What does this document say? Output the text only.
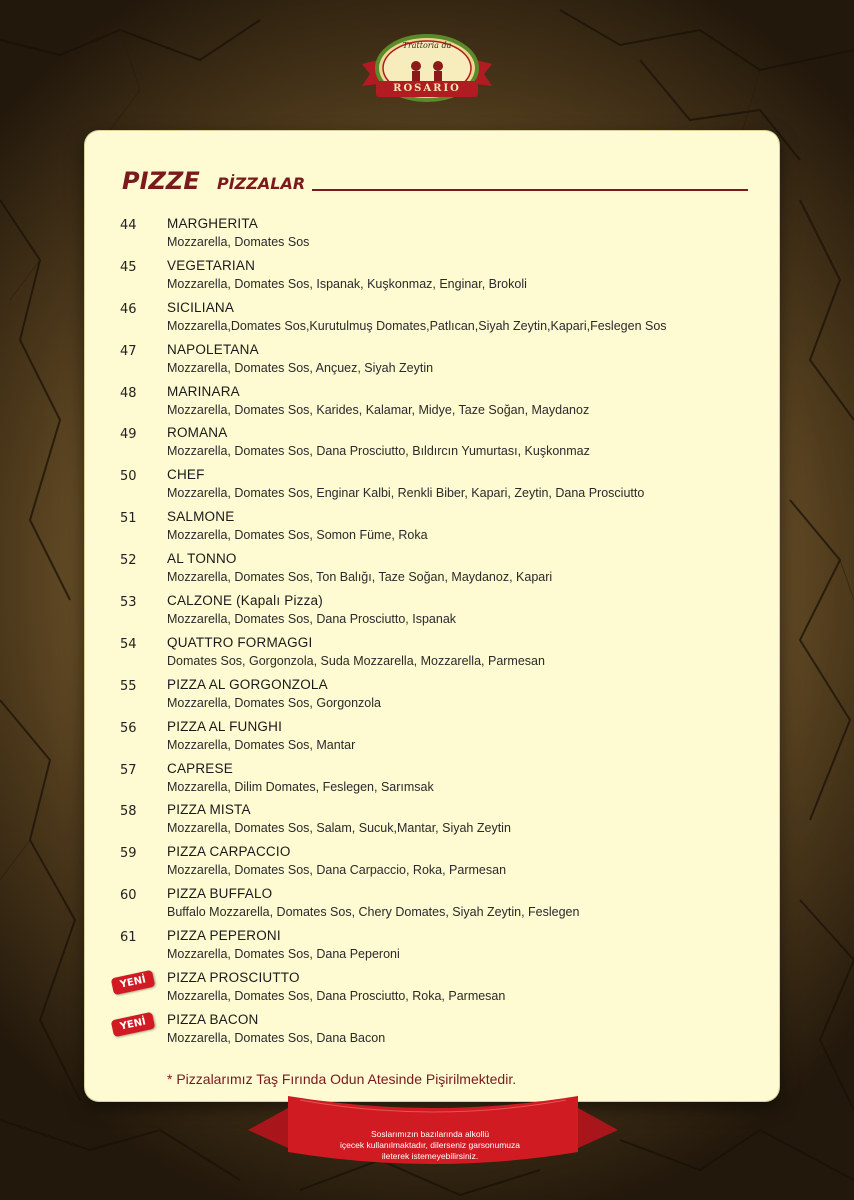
Trattoria da
ROSARIO
PIZZE PİZZALAR
44 MARGHERITA
Mozzarella, Domates Sos
45 VEGETARIAN
Mozzarella, Domates Sos, Ispanak, Kuşkonmaz, Enginar, Brokoli
46 SICILIANA
Mozzarella,Domates Sos,Kurutulmuş Domates,Patlıcan,Siyah Zeytin,Kapari,Feslegen Sos
47 NAPOLETANA
Mozzarella, Domates Sos, Ançuez, Siyah Zeytin
48 MARINARA
Mozzarella, Domates Sos, Karides, Kalamar, Midye, Taze Soğan, Maydanoz
49 ROMANA
Mozzarella, Domates Sos, Dana Prosciutto, Bıldırcın Yumurtası, Kuşkonmaz
50 CHEF
Mozzarella, Domates Sos, Enginar Kalbi, Renkli Biber, Kapari, Zeytin, Dana Prosciutto
51 SALMONE
Mozzarella, Domates Sos, Somon Füme, Roka
52 AL TONNO
Mozzarella, Domates Sos, Ton Balığı, Taze Soğan, Maydanoz, Kapari
53 CALZONE (Kapalı Pizza)
Mozzarella, Domates Sos, Dana Prosciutto, Ispanak
54 QUATTRO FORMAGGI
Domates Sos, Gorgonzola, Suda Mozzarella, Mozzarella, Parmesan
55 PIZZA AL GORGONZOLA
Mozzarella, Domates Sos, Gorgonzola
56 PIZZA AL FUNGHI
Mozzarella, Domates Sos, Mantar
57 CAPRESE
Mozzarella, Dilim Domates, Feslegen, Sarımsak
58 PIZZA MISTA
Mozzarella, Domates Sos, Salam, Sucuk,Mantar, Siyah Zeytin
59 PIZZA CARPACCIO
Mozzarella, Domates Sos, Dana Carpaccio, Roka, Parmesan
60 PIZZA BUFFALO
Buffalo Mozzarella, Domates Sos, Chery Domates, Siyah Zeytin, Feslegen
61 PIZZA PEPERONI
Mozzarella, Domates Sos, Dana Peperoni
YENİ	PIZZA PROSCIUTTO
Mozzarella, Domates Sos, Dana Prosciutto, Roka, Parmesan
YENİ	PIZZA BACON
Mozzarella, Domates Sos, Dana Bacon
* Pizzalarımız Taş Fırında Odun Atesinde Pişirilmektedir.
Soslarımızın bazılarında alkollü
içecek kullanılmaktadır, dilerseniz garsonumuza
ileterek istemeyebilirsiniz.
